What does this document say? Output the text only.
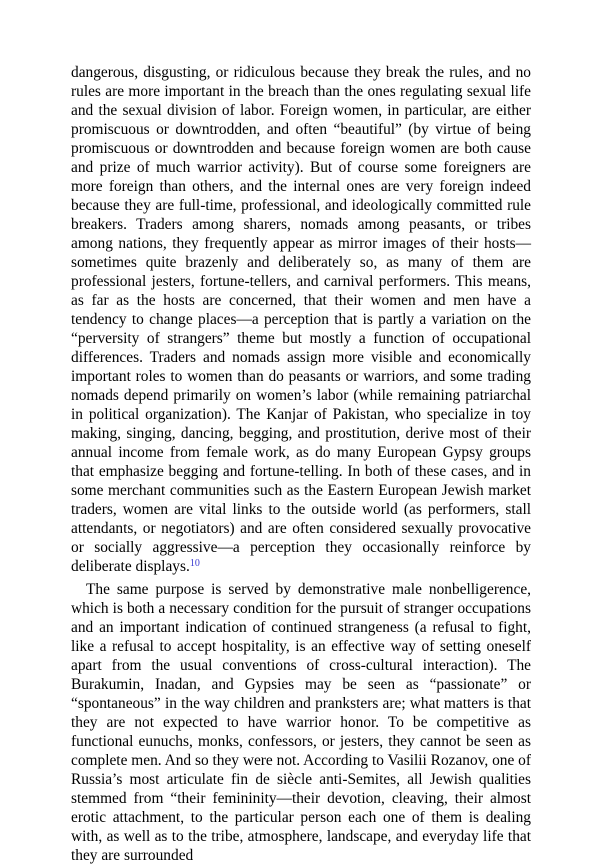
dangerous, disgusting, or ridiculous because they break the rules, and no rules are more important in the breach than the ones regulating sexual life and the sexual division of labor. Foreign women, in particular, are either promiscuous or downtrodden, and often “beautiful” (by virtue of being promiscuous or downtrodden and because foreign women are both cause and prize of much warrior activity). But of course some foreigners are more foreign than others, and the internal ones are very foreign indeed because they are full-time, professional, and ideologically committed rule breakers. Traders among sharers, nomads among peasants, or tribes among nations, they frequently appear as mirror images of their hosts—sometimes quite brazenly and deliberately so, as many of them are professional jesters, fortune-tellers, and carnival performers. This means, as far as the hosts are concerned, that their women and men have a tendency to change places—a perception that is partly a variation on the “perversity of strangers” theme but mostly a function of occupational differences. Traders and nomads assign more visible and economically important roles to women than do peasants or warriors, and some trading nomads depend primarily on women’s labor (while remaining patriarchal in political organization). The Kanjar of Pakistan, who specialize in toy making, singing, dancing, begging, and prostitution, derive most of their annual income from female work, as do many European Gypsy groups that emphasize begging and fortune-telling. In both of these cases, and in some merchant communities such as the Eastern European Jewish market traders, women are vital links to the outside world (as performers, stall attendants, or negotiators) and are often considered sexually provocative or socially aggressive—a perception they occasionally reinforce by deliberate displays.$^{10}$

The same purpose is served by demonstrative male nonbelligerence, which is both a necessary condition for the pursuit of stranger occupations and an important indication of continued strangeness (a refusal to fight, like a refusal to accept hospitality, is an effective way of setting oneself apart from the usual conventions of cross-cultural interaction). The Burakumin, Inadan, and Gypsies may be seen as “passionate” or “spontaneous” in the way children and pranksters are; what matters is that they are not expected to have warrior honor. To be competitive as functional eunuchs, monks, confessors, or jesters, they cannot be seen as complete men. And so they were not. According to Vasilii Rozanov, one of Russia’s most articulate fin de siècle anti-Semites, all Jewish qualities stemmed from “their femininity—their devotion, cleaving, their almost erotic attachment, to the particular person each one of them is dealing with, as well as to the tribe, atmosphere, landscape, and everyday life that they are surrounded
